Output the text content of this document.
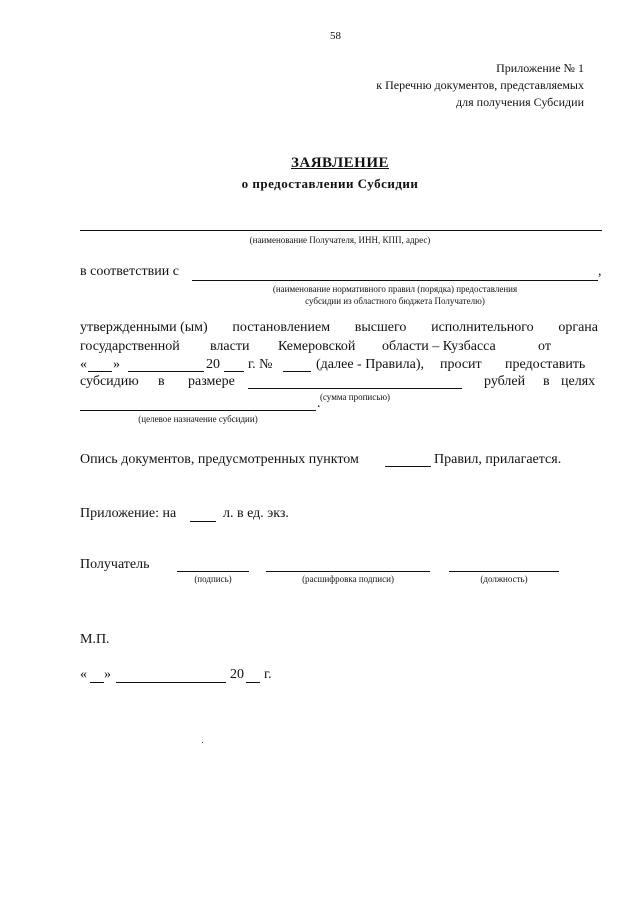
58
Приложение № 1
к Перечню документов, представляемых
для получения Субсидии
ЗАЯВЛЕНИЕ
о предоставлении Субсидии
(наименование Получателя, ИНН, КПП, адрес)
в соответствии с	,
(наименование нормативного правил (порядка) предоставления
субсидии из областного бюджета Получателю)
утвержденными (ым) постановлением высшего исполнительного органа
государственной власти Кемеровской области – Кузбасса	от
« »	20 г. №	(далее - Правила), просит предоставить
субсидию в размере	рублей в целях
(сумма прописью)
.
(целевое назначение субсидии)
Опись документов, предусмотренных пунктом	Правил, прилагается.
Приложение: на	л. в ед. экз.
Получатель
(подпись)	(расшифровка подписи)	(должность)
М.П.
« »	20 г.
